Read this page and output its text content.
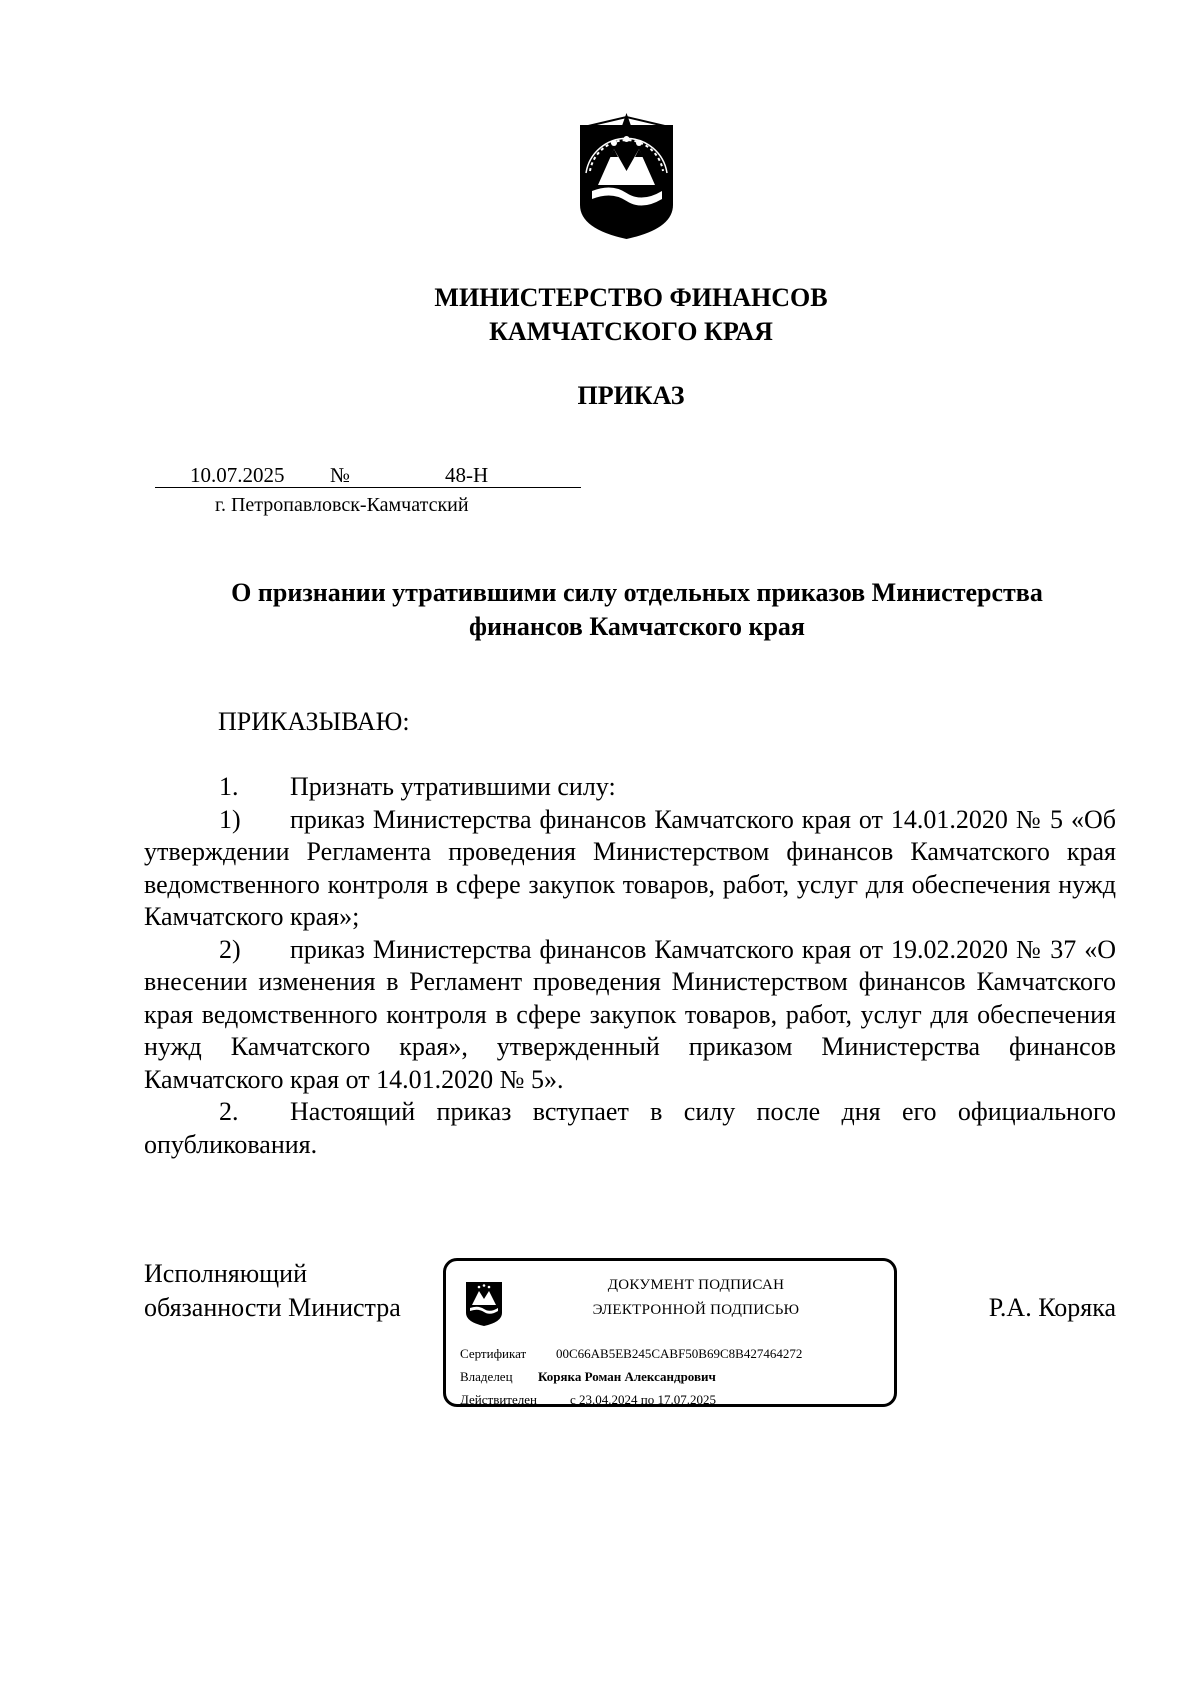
МИНИСТЕРСТВО ФИНАНСОВ
КАМЧАТСКОГО КРАЯ
ПРИКАЗ
10.07.2025 №	48-Н
г. Петропавловск-Камчатский
О признании утратившими силу отдельных приказов Министерства
финансов Камчатского края
ПРИКАЗЫВАЮ:

1. Признать утратившими силу:

1) приказ Министерства финансов Камчатского края от 14.01.2020 № 5 «Об утверждении Регламента проведения Министерством финансов Камчатского края ведомственного контроля в сфере закупок товаров, работ, услуг для обеспечения нужд Камчатского края»;

2) приказ Министерства финансов Камчатского края от 19.02.2020 № 37 «О внесении изменения в Регламент проведения Министерством финансов Камчатского края ведомственного контроля в сфере закупок товаров, работ, услуг для обеспечения нужд Камчатского края», утвержденный приказом Министерства финансов Камчатского края от 14.01.2020 № 5».

2. Настоящий приказ вступает в силу после дня его официального опубликования.

Исполняющий
обязанности Министра
ДОКУМЕНТ ПОДПИСАН
ЭЛЕКТРОННОЙ ПОДПИСЬЮ
Сертификат 00C66AB5EB245CABF50B69C8B427464272
Владелец Коряка Роман Александрович
Действителен	с 23.04.2024 по 17.07.2025
Р.А. Коряка
